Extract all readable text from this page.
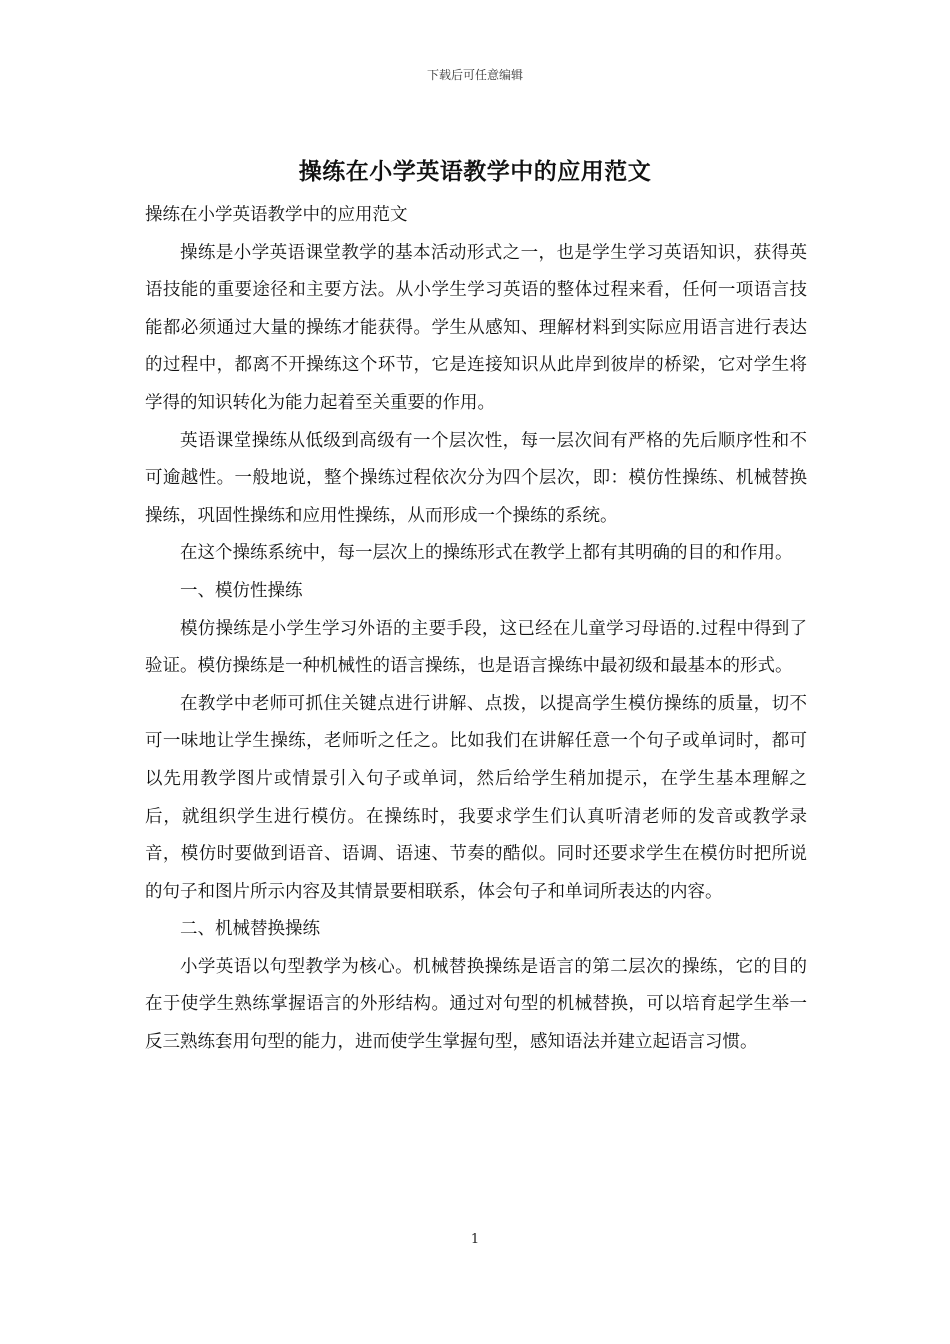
下载后可任意编辑
操练在小学英语教学中的应用范文

操练在小学英语教学中的应用范文

操练是小学英语课堂教学的基本活动形式之一，也是学生学习英语知识，获得英语技能的重要途径和主要方法。从小学生学习英语的整体过程来看，任何一项语言技能都必须通过大量的操练才能获得。学生从感知、理解材料到实际应用语言进行表达的过程中，都离不开操练这个环节，它是连接知识从此岸到彼岸的桥梁，它对学生将学得的知识转化为能力起着至关重要的作用。

英语课堂操练从低级到高级有一个层次性，每一层次间有严格的先后顺序性和不可逾越性。一般地说，整个操练过程依次分为四个层次，即：模仿性操练、机械替换操练，巩固性操练和应用性操练，从而形成一个操练的系统。

在这个操练系统中，每一层次上的操练形式在教学上都有其明确的目的和作用。

一、模仿性操练

模仿操练是小学生学习外语的主要手段，这已经在儿童学习母语的.过程中得到了验证。模仿操练是一种机械性的语言操练，也是语言操练中最初级和最基本的形式。

在教学中老师可抓住关键点进行讲解、点拨，以提高学生模仿操练的质量，切不可一味地让学生操练，老师听之任之。比如我们在讲解任意一个句子或单词时，都可以先用教学图片或情景引入句子或单词，然后给学生稍加提示，在学生基本理解之后，就组织学生进行模仿。在操练时，我要求学生们认真听清老师的发音或教学录音，模仿时要做到语音、语调、语速、节奏的酷似。同时还要求学生在模仿时把所说的句子和图片所示内容及其情景要相联系，体会句子和单词所表达的内容。

二、机械替换操练

小学英语以句型教学为核心。机械替换操练是语言的第二层次的操练，它的目的在于使学生熟练掌握语言的外形结构。通过对句型的机械替换，可以培育起学生举一反三熟练套用句型的能力，进而使学生掌握句型，感知语法并建立起语言习惯。

1
